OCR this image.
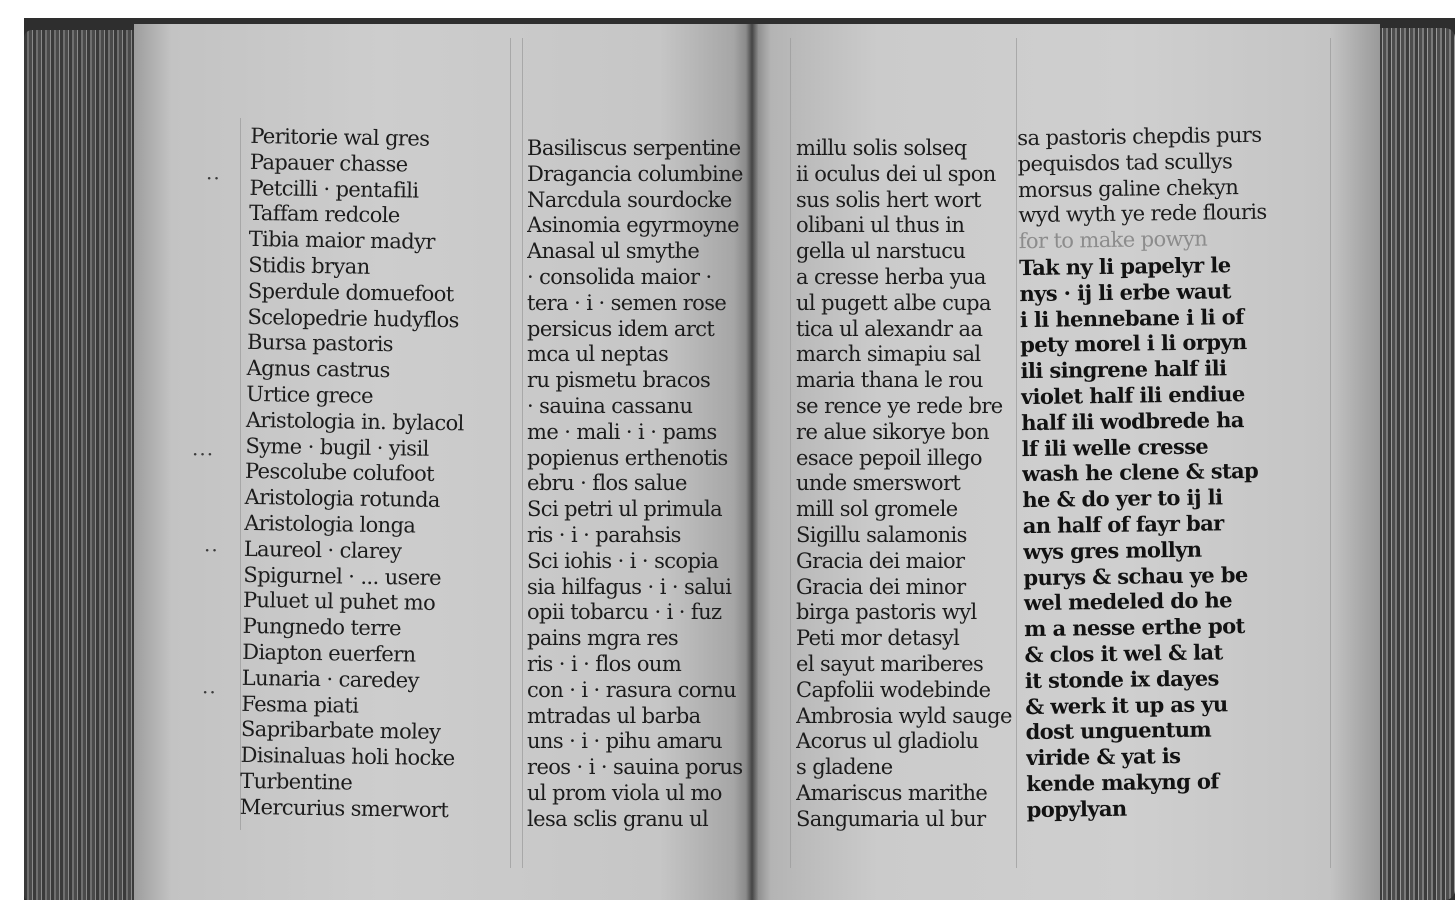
··
···
··
··
Peritorie wal gres
Papauer chasse
Petcilli · pentafili
Taffam redcole
Tibia maior madyr
Stidis bryan
Sperdule domuefoot
Scelopedrie hudyflos
Bursa pastoris
Agnus castrus
Urtice grece
Aristologia in. bylacol
Syme · bugil · yisil
Pescolube colufoot
Aristologia rotunda
Aristologia longa
Laureol · clarey
Spigurnel · ... usere
Puluet ul puhet mo
Pungnedo terre
Diapton euerfern
Lunaria · caredey
Fesma piati
Sapribarbate moley
Disinaluas holi hocke
Turbentine
Mercurius smerwort
Basiliscus serpentine
Dragancia columbine
Narcdula sourdocke
Asinomia egyrmoyne
Anasal ul smythe
· consolida maior ·
tera · i · semen rose
persicus idem arct
mca ul neptas
ru pismetu bracos
· sauina cassanu
me · mali · i · pams
popienus erthenotis
ebru · flos salue
Sci petri ul primula
ris · i · parahsis
Sci iohis · i · scopia
sia hilfagus · i · salui
opii tobarcu · i · fuz
pains mgra res
ris · i · flos oum
con · i · rasura cornu
mtradas ul barba
uns · i · pihu amaru
reos · i · sauina porus
ul prom viola ul mo
lesa sclis granu ul
millu solis solseq
ii oculus dei ul spon
sus solis hert wort
olibani ul thus in
gella ul narstucu
a cresse herba yua
ul pugett albe cupa
tica ul alexandr aa
march simapiu sal
maria thana le rou
se rence ye rede bre
re alue sikorye bon
esace pepoil illego
unde smerswort
mill sol gromele
Sigillu salamonis
Gracia dei maior
Gracia dei minor
birga pastoris wyl
Peti mor detasyl
el sayut mariberes
Capfolii wodebinde
Ambrosia wyld sauge
Acorus ul gladiolu
s gladene
Amariscus marithe
Sangumaria ul bur
sa pastoris chepdis purs
pequisdos tad scullys
morsus galine chekyn
wyd wyth ye rede flouris
for to make powyn
Tak ny li papelyr le
nys · ij li erbe waut
i li hennebane i li of
pety morel i li orpyn
ili singrene half ili
violet half ili endiue
half ili wodbrede ha
lf ili welle cresse
wash he clene & stap
he & do yer to ij li
an half of fayr bar
wys gres mollyn
purys & schau ye be
wel medeled do he
m a nesse erthe pot
& clos it wel & lat
it stonde ix dayes
& werk it up as yu
dost unguentum
viride & yat is
kende makyng of
popylyan
